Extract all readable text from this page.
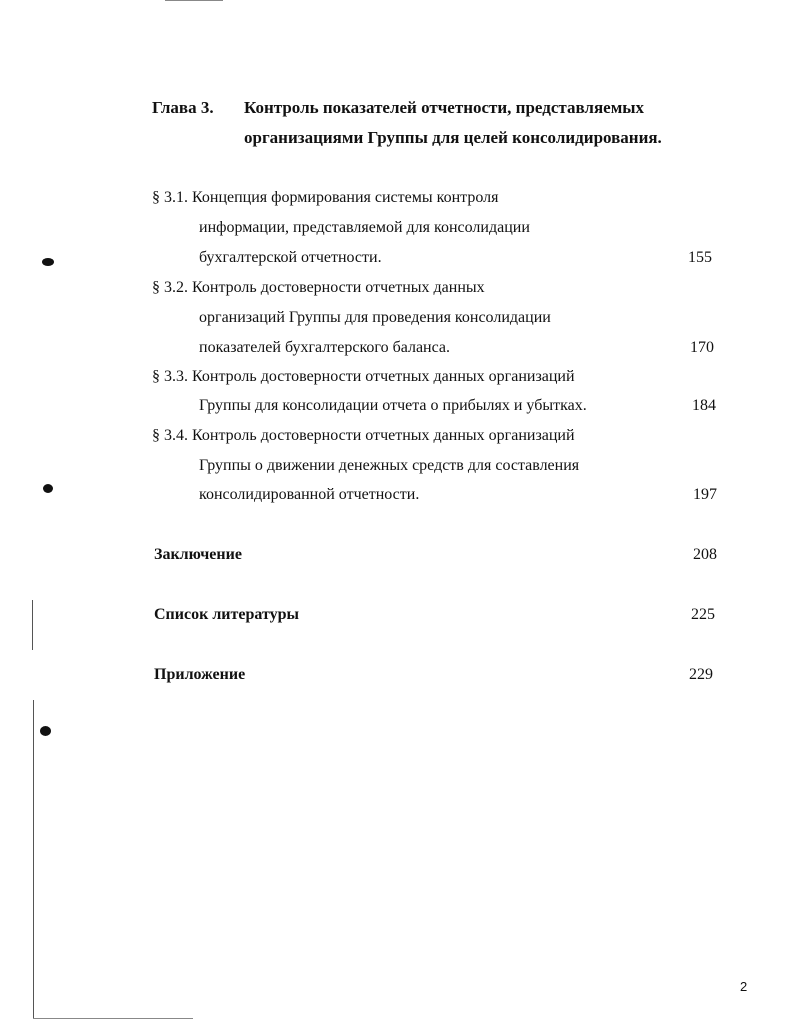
Глава 3. Контроль показателей отчетности, представляемых
организациями Группы для целей консолидирования.
§ 3.1. Концепция формирования системы контроля
информации, представляемой для консолидации
бухгалтерской отчетности.	155
§ 3.2. Контроль достоверности отчетных данных
организаций Группы для проведения консолидации
показателей бухгалтерского баланса.	170
§ 3.3. Контроль достоверности отчетных данных организаций
Группы для консолидации отчета о прибылях и убытках.	184
§ 3.4. Контроль достоверности отчетных данных организаций
Группы о движении денежных средств для составления
консолидированной отчетности.	197
Заключение	208
Список литературы	225
Приложение	229
2
